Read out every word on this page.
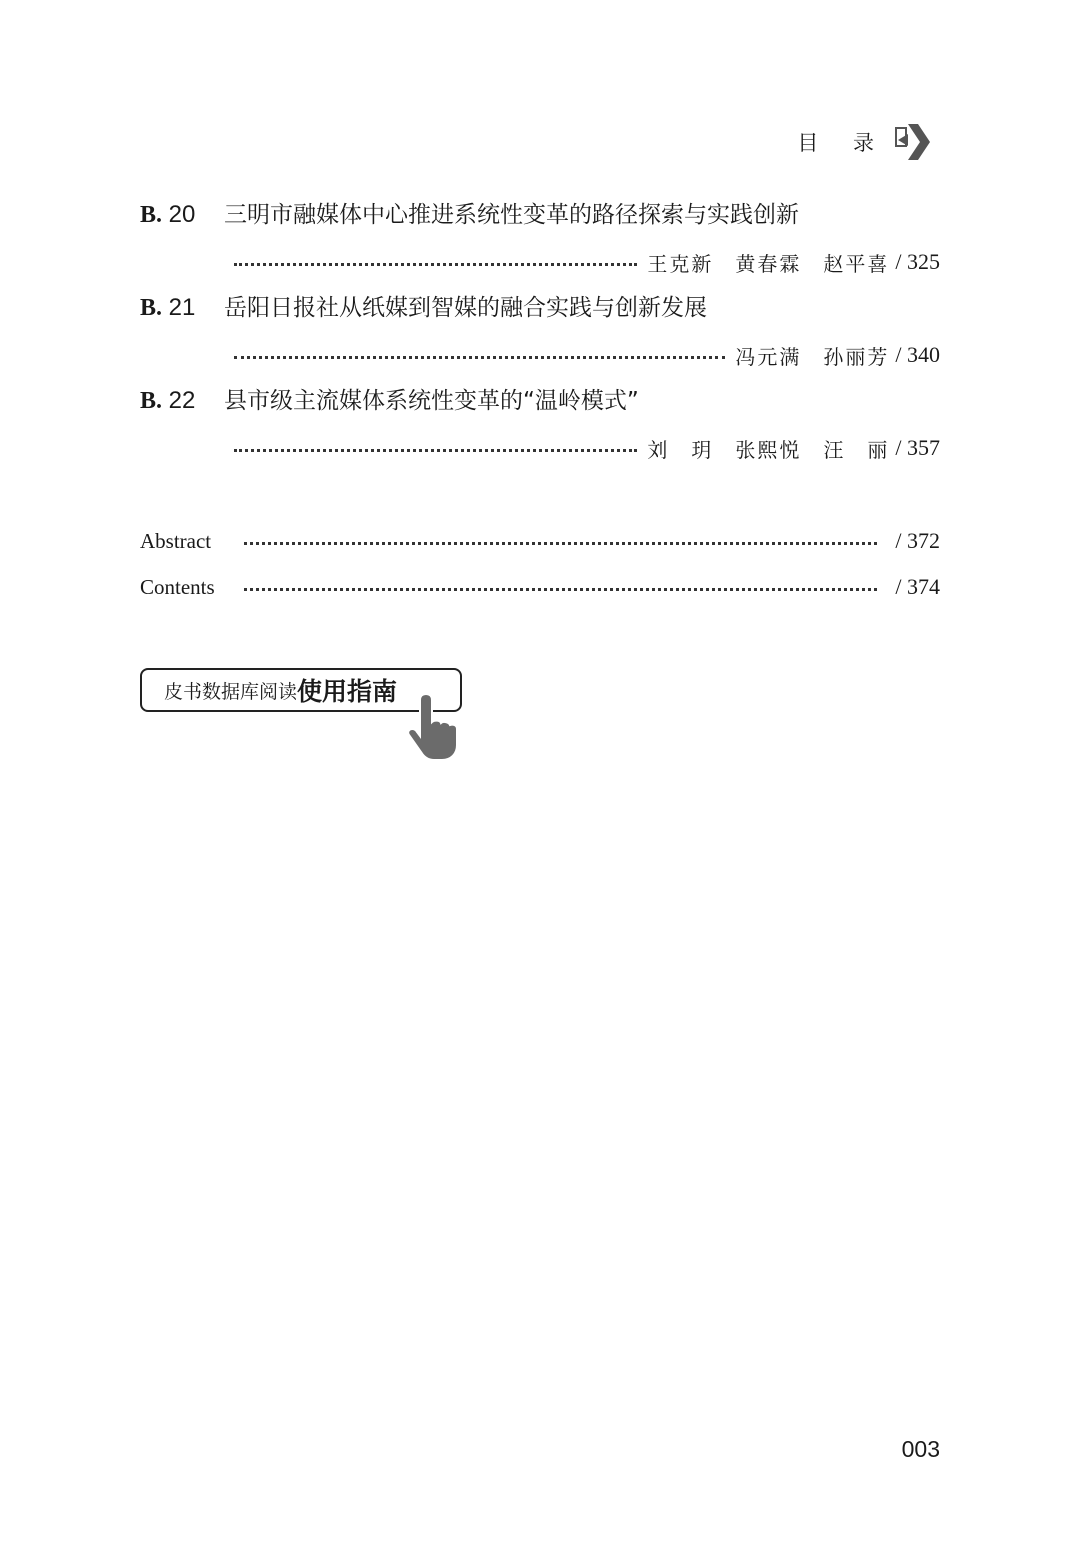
目 录
B. 20	三明市融媒体中心推进系统性变革的路径探索与实践创新
王克新 黄春霖 赵平喜 / 325
B. 21	岳阳日报社从纸媒到智媒的融合实践与创新发展
冯元满 孙丽芳 / 340
B. 22	县市级主流媒体系统性变革的“温岭模式”
刘　玥 张熙悦 汪　丽 / 357
Abstract	/ 372
Contents	/ 374
皮书数据库阅读 使用指南
003
